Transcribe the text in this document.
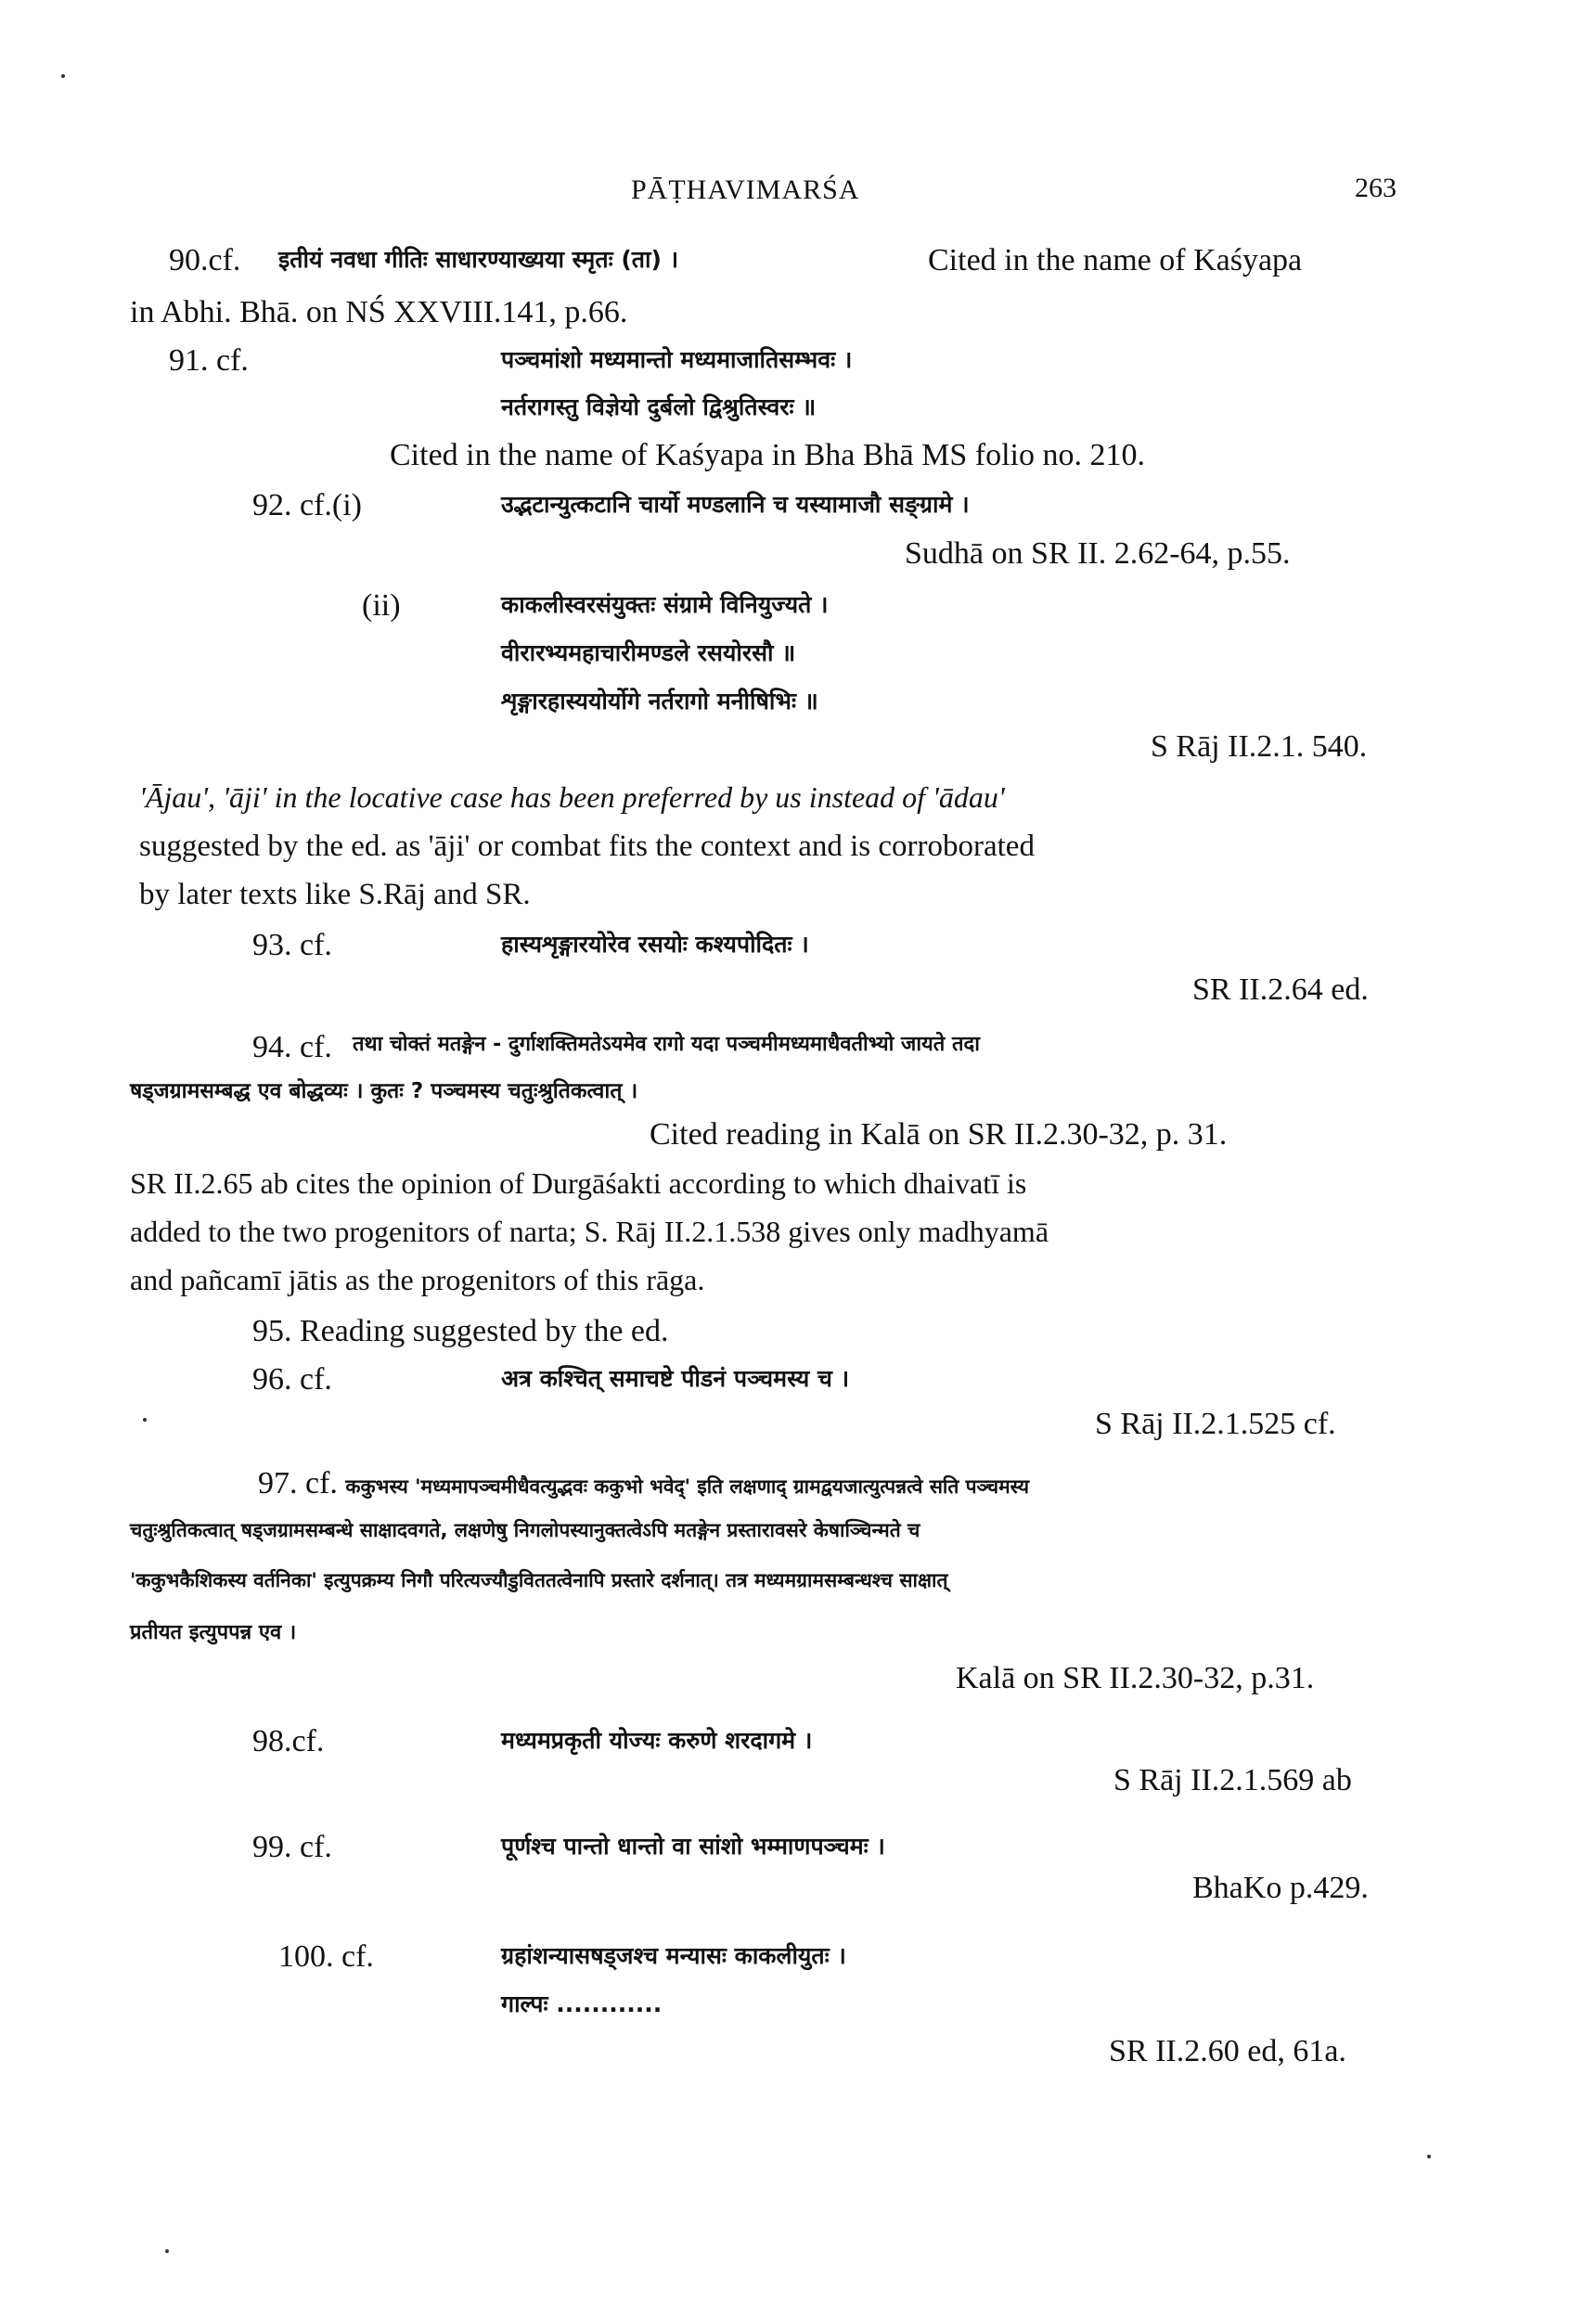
PĀṬHAVIMARŚA	263
90.cf. इतीयं नवधा गीतिः साधारण्याख्यया स्मृतः (ता) ।	Cited in the name of Kaśyapa
in Abhi. Bhā. on NŚ XXVIII.141, p.66.
91. cf.	पञ्चमांशो मध्यमान्तो मध्यमाजातिसम्भवः ।
नर्तरागस्तु विज्ञेयो दुर्बलो द्विश्रुतिस्वरः ॥
Cited in the name of Kaśyapa in Bha Bhā MS folio no. 210.
92. cf.(i)	उद्भटान्युत्कटानि चार्यो मण्डलानि च यस्यामाजौ सङ्ग्रामे ।
Sudhā on SR II. 2.62-64, p.55.
(ii)	काकलीस्वरसंयुक्तः संग्रामे विनियुज्यते ।
वीरारभ्यमहाचारीमण्डले रसयोरसौ ॥
शृङ्गारहास्ययोर्योगे नर्तरागो मनीषिभिः ॥
S Rāj II.2.1. 540.
'Ājau', 'āji' in the locative case has been preferred by us instead of 'ādau'
suggested by the ed. as 'āji' or combat fits the context and is corroborated
by later texts like S.Rāj and SR.
93. cf.	हास्यशृङ्गारयोरेव रसयोः कश्यपोदितः ।
SR II.2.64 ed.
94. cf. तथा चोक्तं मतङ्गेन - दुर्गाशक्तिमतेऽयमेव रागो यदा पञ्चमीमध्यमाधैवतीभ्यो जायते तदा
षड्जग्रामसम्बद्ध एव बोद्धव्यः । कुतः ? पञ्चमस्य चतुःश्रुतिकत्वात् ।
Cited reading in Kalā on SR II.2.30-32, p. 31.
SR II.2.65 ab cites the opinion of Durgāśakti according to which dhaivatī is
added to the two progenitors of narta; S. Rāj II.2.1.538 gives only madhyamā
and pañcamī jātis as the progenitors of this rāga.
95. Reading suggested by the ed.
96. cf.	अत्र कश्चित् समाचष्टे पीडनं पञ्चमस्य च ।
S Rāj II.2.1.525 cf.
97. cf. ककुभस्य 'मध्यमापञ्चमीधैवत्युद्भवः ककुभो भवेद्' इति लक्षणाद् ग्रामद्वयजात्युत्पन्नत्वे सति पञ्चमस्य
चतुःश्रुतिकत्वात् षड्जग्रामसम्बन्धे साक्षादवगते, लक्षणेषु निगलोपस्यानुक्तत्वेऽपि मतङ्गेन प्रस्तारावसरे केषाञ्चिन्मते च
'ककुभकैशिकस्य वर्तनिका' इत्युपक्रम्य निगौ परित्यज्यौडुविततत्वेनापि प्रस्तारे दर्शनात्। तत्र मध्यमग्रामसम्बन्धश्च साक्षात्
प्रतीयत इत्युपपन्न एव ।
Kalā on SR II.2.30-32, p.31.
98.cf.	मध्यमप्रकृती योज्यः करुणे शरदागमे ।
S Rāj II.2.1.569 ab
99. cf.	पूर्णश्च पान्तो धान्तो वा सांशो भम्माणपञ्चमः ।
BhaKo p.429.
100. cf.	ग्रहांशन्यासषड्जश्च मन्यासः काकलीयुतः ।
गाल्पः ............
SR II.2.60 ed, 61a.
